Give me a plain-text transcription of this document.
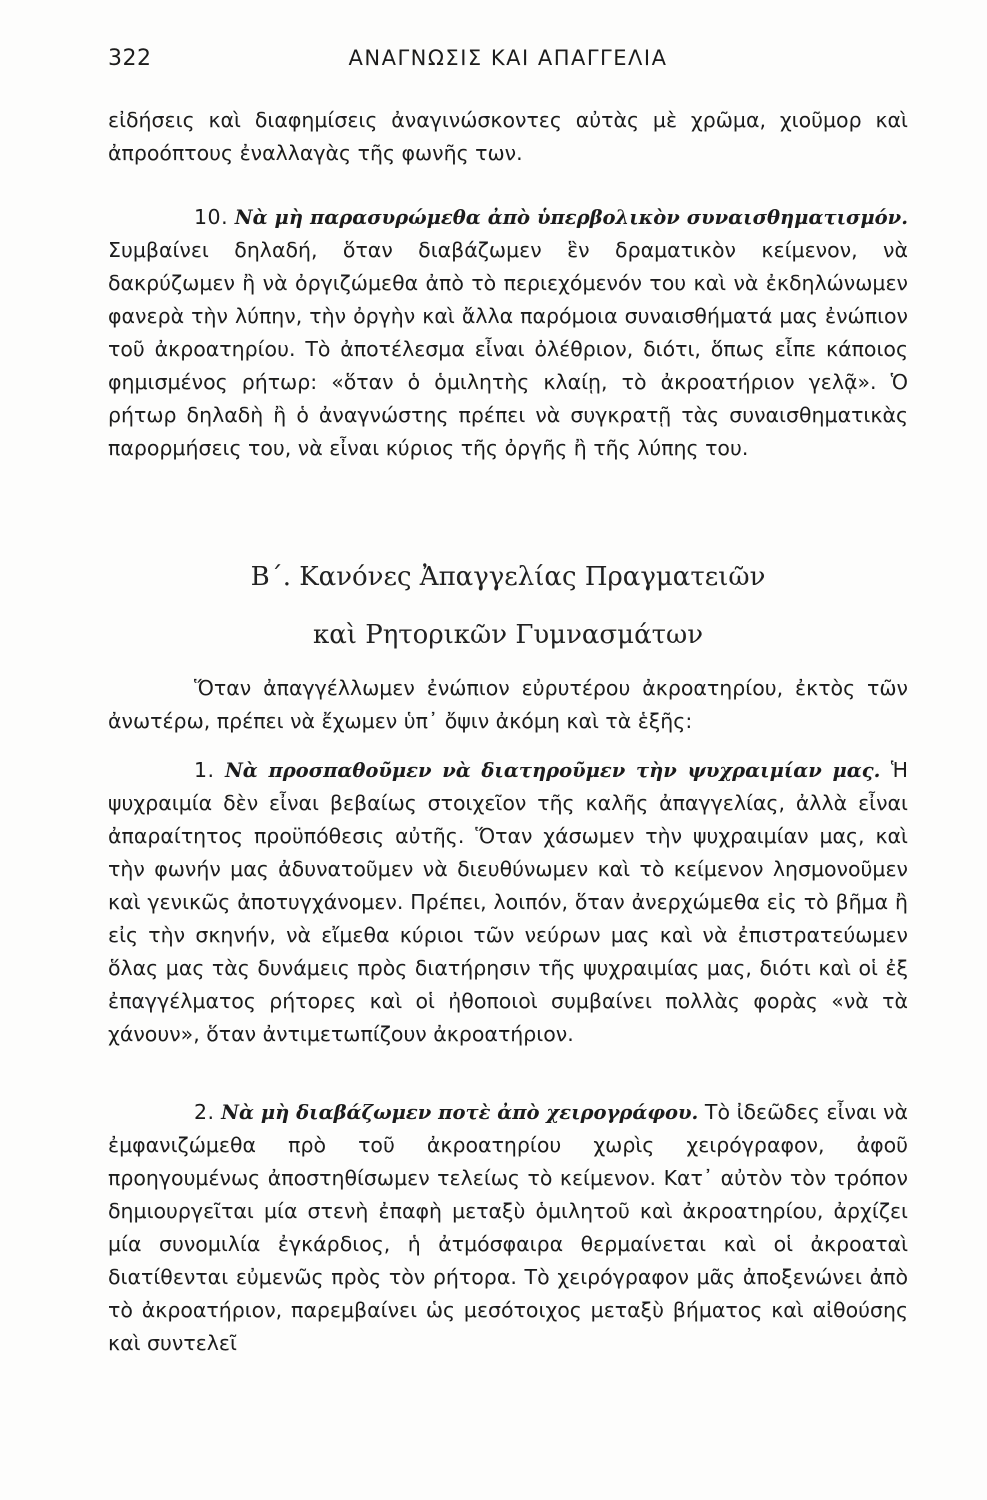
322	ΑΝΑΓΝΩΣΙΣ ΚΑΙ ΑΠΑΓΓΕΛΙΑ

εἰδήσεις καὶ διαφημίσεις ἀναγινώσκοντες αὐτὰς μὲ χρῶμα, χιοῦμορ καὶ ἀπροόπτους ἐναλλαγὰς τῆς φωνῆς των.

10. Νὰ μὴ παρασυρώμεθα ἀπὸ ὑπερβολικὸν συναισθηματισμόν. Συμβαίνει δηλαδή, ὅταν διαβάζωμεν ἓν δραματικὸν κείμενον, νὰ δακρύζωμεν ἢ νὰ ὀργιζώμεθα ἀπὸ τὸ περιεχόμενόν του καὶ νὰ ἐκδηλώνωμεν φανερὰ τὴν λύπην, τὴν ὀργὴν καὶ ἄλλα παρόμοια συναισθήματά μας ἐνώπιον τοῦ ἀκροατηρίου. Τὸ ἀποτέλεσμα εἶναι ὀλέθριον, διότι, ὅπως εἶπε κάποιος φημισμένος ρήτωρ: «ὅταν ὁ ὁμιλητὴς κλαίῃ, τὸ ἀκροατήριον γελᾷ». Ὁ ρήτωρ δηλαδὴ ἢ ὁ ἀναγνώστης πρέπει νὰ συγκρατῇ τὰς συναισθηματικὰς παρορμήσεις του, νὰ εἶναι κύριος τῆς ὀργῆς ἢ τῆς λύπης του.

Β΄. Κανόνες Ἀπαγγελίας Πραγματειῶν
καὶ Ρητορικῶν Γυμνασμάτων

Ὅταν ἀπαγγέλλωμεν ἐνώπιον εὐρυτέρου ἀκροατηρίου, ἐκτὸς τῶν ἀνωτέρω, πρέπει νὰ ἔχωμεν ὑπ᾽ ὄψιν ἀκόμη καὶ τὰ ἑξῆς:

1. Νὰ προσπαθοῦμεν νὰ διατηροῦμεν τὴν ψυχραιμίαν μας. Ἡ ψυχραιμία δὲν εἶναι βεβαίως στοιχεῖον τῆς καλῆς ἀπαγγελίας, ἀλλὰ εἶναι ἀπαραίτητος προϋπόθεσις αὐτῆς. Ὅταν χάσωμεν τὴν ψυχραιμίαν μας, καὶ τὴν φωνήν μας ἀδυνατοῦμεν νὰ διευθύνωμεν καὶ τὸ κείμενον λησμονοῦμεν καὶ γενικῶς ἀποτυγχάνομεν. Πρέπει, λοιπόν, ὅταν ἀνερχώμεθα εἰς τὸ βῆμα ἢ εἰς τὴν σκηνήν, νὰ εἴμεθα κύριοι τῶν νεύρων μας καὶ νὰ ἐπιστρατεύωμεν ὅλας μας τὰς δυνάμεις πρὸς διατήρησιν τῆς ψυχραιμίας μας, διότι καὶ οἱ ἐξ ἐπαγγέλματος ρήτορες καὶ οἱ ἠθοποιοὶ συμβαίνει πολλὰς φορὰς «νὰ τὰ χάνουν», ὅταν ἀντιμετωπίζουν ἀκροατήριον.

2. Νὰ μὴ διαβάζωμεν ποτὲ ἀπὸ χειρογράφου. Τὸ ἰδεῶδες εἶναι νὰ ἐμφανιζώμεθα πρὸ τοῦ ἀκροατηρίου χωρὶς χειρόγραφον, ἀφοῦ προηγουμένως ἀποστηθίσωμεν τελείως τὸ κείμενον. Κατ᾽ αὐτὸν τὸν τρόπον δημιουργεῖται μία στενὴ ἐπαφὴ μεταξὺ ὁμιλητοῦ καὶ ἀκροατηρίου, ἀρχίζει μία συνομιλία ἐγκάρδιος, ἡ ἀτμόσφαιρα θερμαίνεται καὶ οἱ ἀκροαταὶ διατίθενται εὐμενῶς πρὸς τὸν ρήτορα. Τὸ χειρόγραφον μᾶς ἀποξενώνει ἀπὸ τὸ ἀκροατήριον, παρεμβαίνει ὡς μεσότοιχος μεταξὺ βήματος καὶ αἰθούσης καὶ συντελεῖ
